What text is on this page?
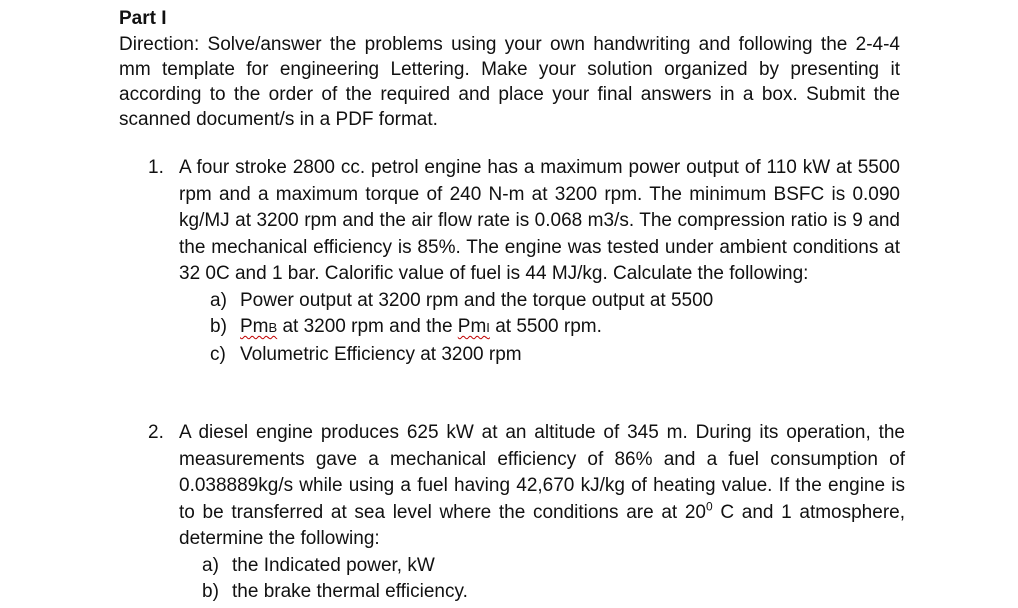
Part I
Direction: Solve/answer the problems using your own handwriting and following the 2-4-4 mm template for engineering Lettering. Make your solution organized by presenting it according to the order of the required and place your final answers in a box. Submit the scanned document/s in a PDF format.
1. A four stroke 2800 cc. petrol engine has a maximum power output of 110 kW at 5500 rpm and a maximum torque of 240 N-m at 3200 rpm. The minimum BSFC is 0.090 kg/MJ at 3200 rpm and the air flow rate is 0.068 m3/s. The compression ratio is 9 and the mechanical efficiency is 85%. The engine was tested under ambient conditions at 32 0C and 1 bar. Calorific value of fuel is 44 MJ/kg. Calculate the following:
a) Power output at 3200 rpm and the torque output at 5500
b) PmB at 3200 rpm and the PmI at 5500 rpm.
c) Volumetric Efficiency at 3200 rpm
2. A diesel engine produces 625 kW at an altitude of 345 m. During its operation, the measurements gave a mechanical efficiency of 86% and a fuel consumption of 0.038889kg/s while using a fuel having 42,670 kJ/kg of heating value. If the engine is to be transferred at sea level where the conditions are at $20^0$ C and 1 atmosphere, determine the following:
a) the Indicated power, kW
b) the brake thermal efficiency.
